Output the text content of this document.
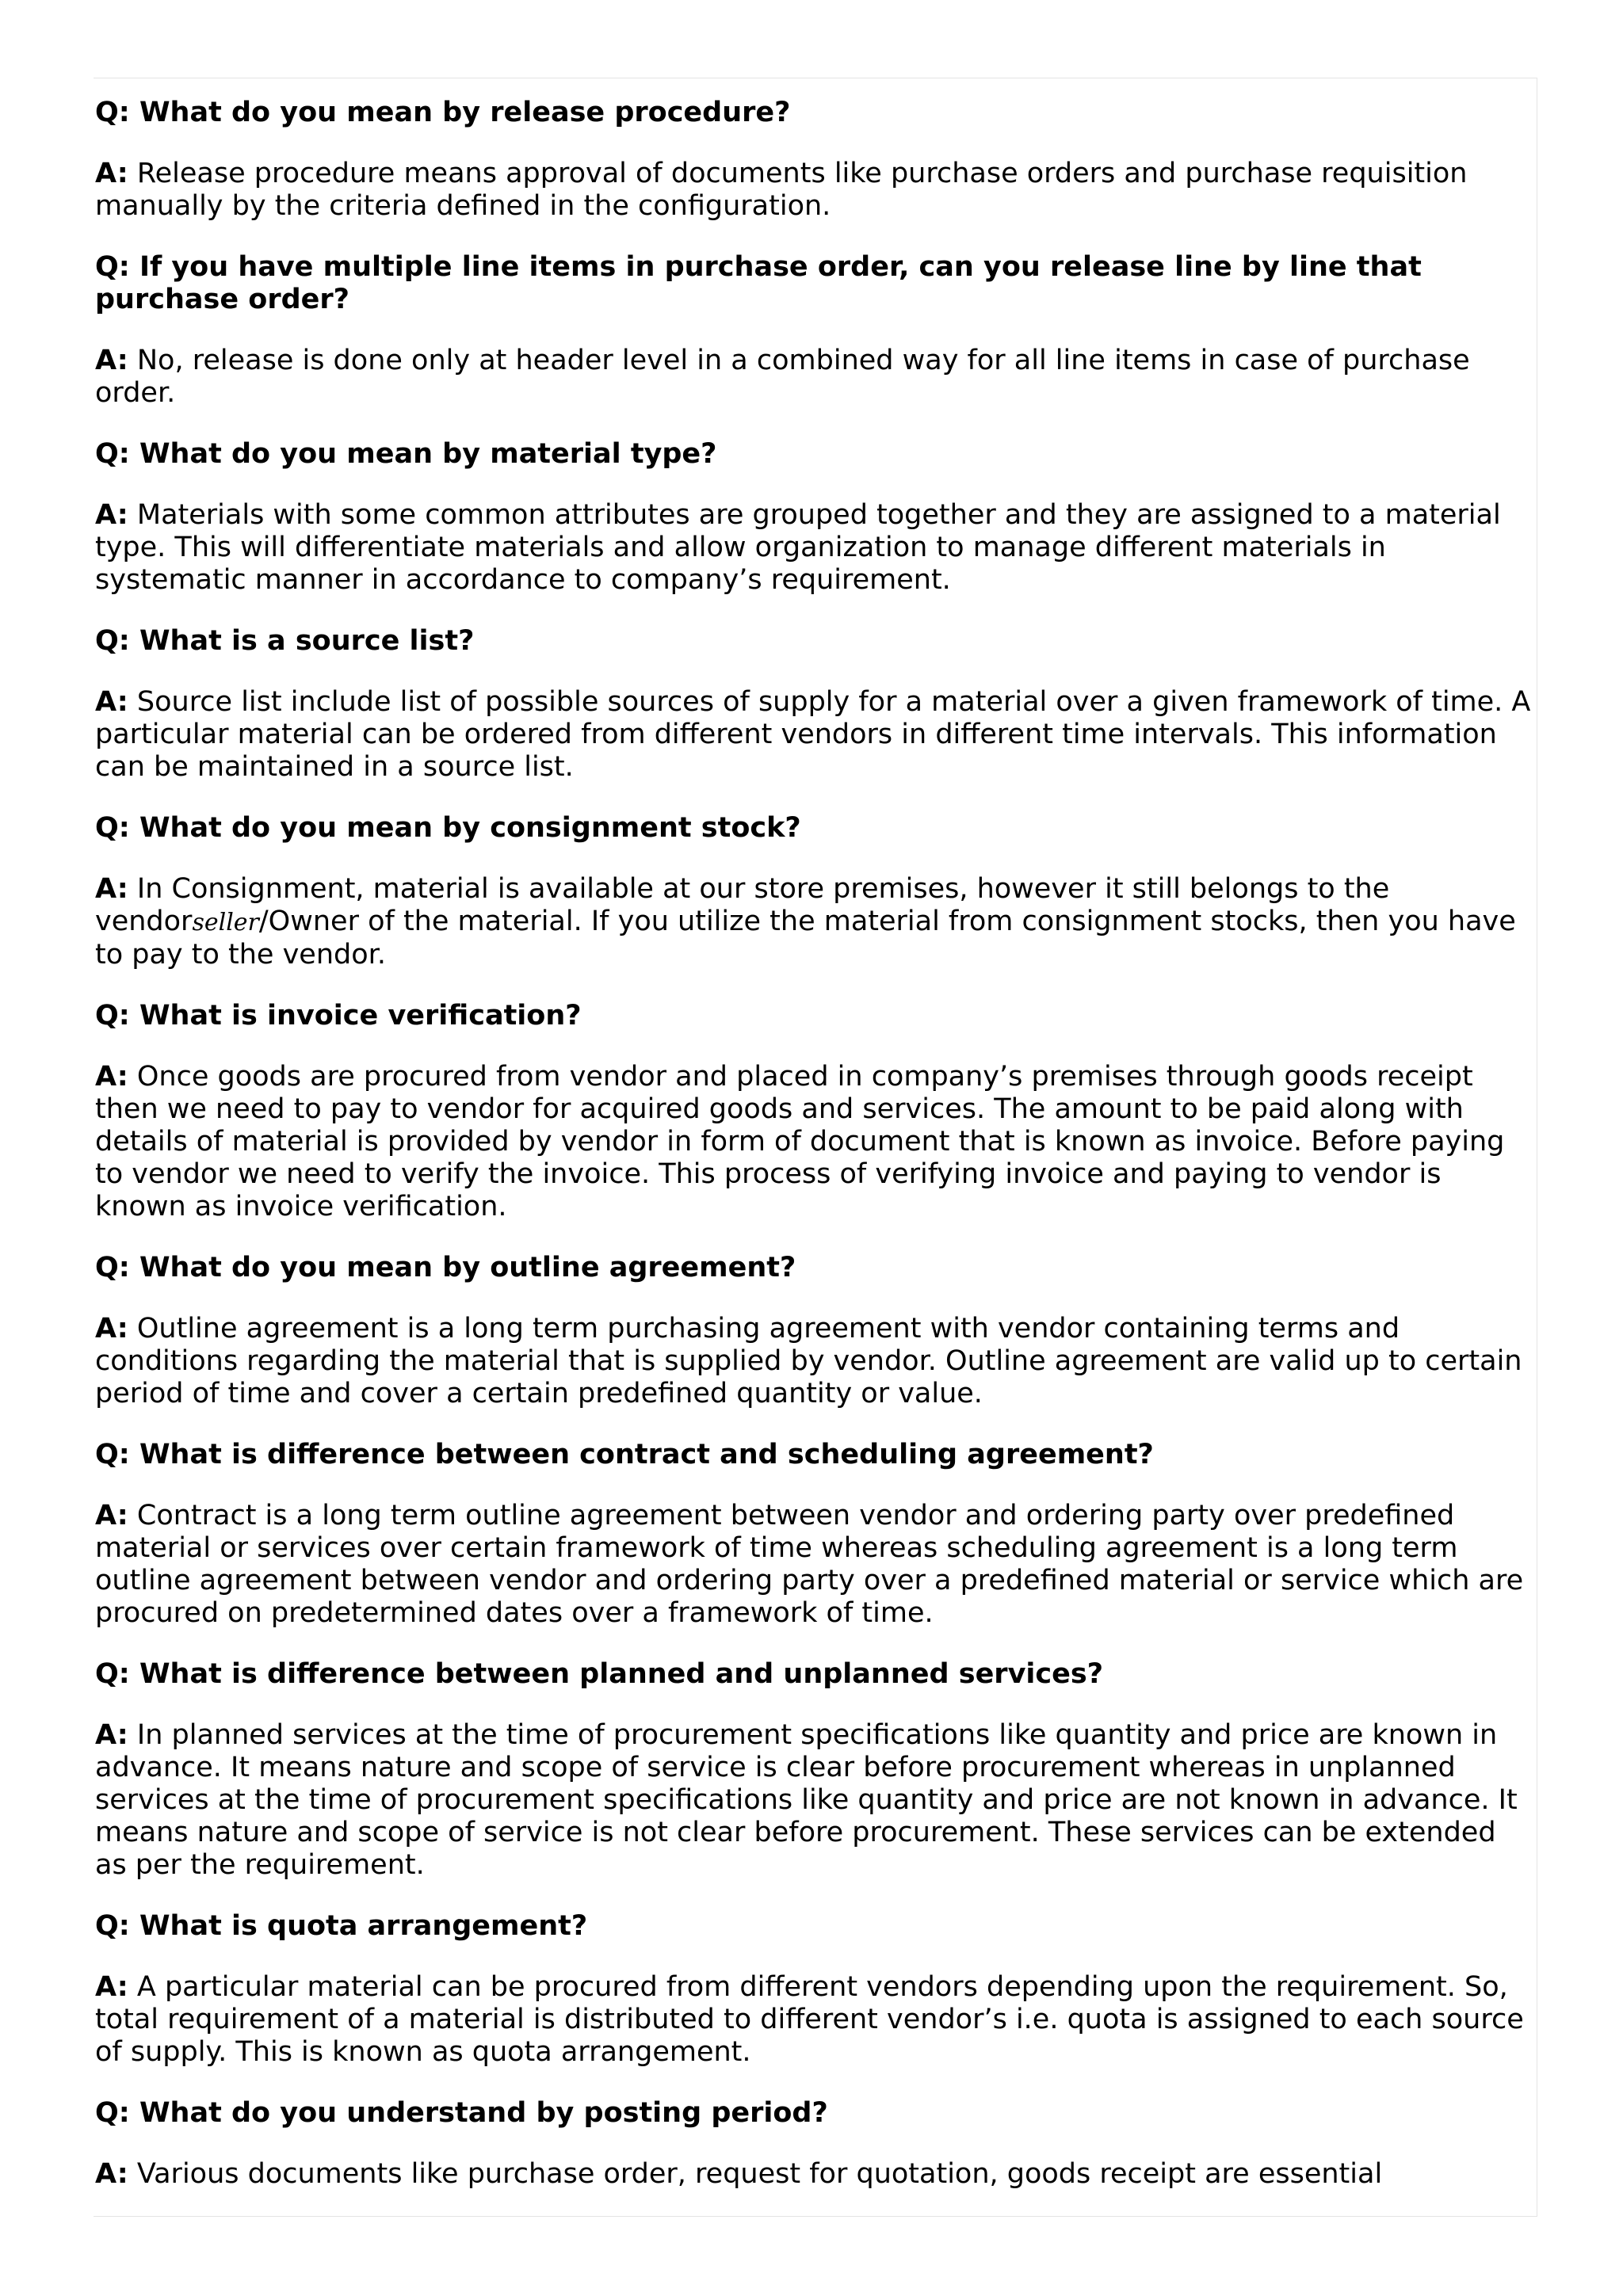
Q: What do you mean by release procedure?

A: Release procedure means approval of documents like purchase orders and purchase requisition manually by the criteria defined in the configuration.

Q: If you have multiple line items in purchase order, can you release line by line that purchase order?

A: No, release is done only at header level in a combined way for all line items in case of purchase order.

Q: What do you mean by material type?

A: Materials with some common attributes are grouped together and they are assigned to a material type. This will differentiate materials and allow organization to manage different materials in systematic manner in accordance to company’s requirement.

Q: What is a source list?

A: Source list include list of possible sources of supply for a material over a given framework of time. A particular material can be ordered from different vendors in different time intervals. This information can be maintained in a source list.

Q: What do you mean by consignment stock?

A: In Consignment, material is available at our store premises, however it still belongs to the vendorseller/Owner of the material. If you utilize the material from consignment stocks, then you have to pay to the vendor.

Q: What is invoice verification?

A: Once goods are procured from vendor and placed in company’s premises through goods receipt then we need to pay to vendor for acquired goods and services. The amount to be paid along with details of material is provided by vendor in form of document that is known as invoice. Before paying to vendor we need to verify the invoice. This process of verifying invoice and paying to vendor is known as invoice verification.

Q: What do you mean by outline agreement?

A: Outline agreement is a long term purchasing agreement with vendor containing terms and conditions regarding the material that is supplied by vendor. Outline agreement are valid up to certain period of time and cover a certain predefined quantity or value.

Q: What is difference between contract and scheduling agreement?

A: Contract is a long term outline agreement between vendor and ordering party over predefined material or services over certain framework of time whereas scheduling agreement is a long term outline agreement between vendor and ordering party over a predefined material or service which are procured on predetermined dates over a framework of time.

Q: What is difference between planned and unplanned services?

A: In planned services at the time of procurement specifications like quantity and price are known in advance. It means nature and scope of service is clear before procurement whereas in unplanned services at the time of procurement specifications like quantity and price are not known in advance. It means nature and scope of service is not clear before procurement. These services can be extended as per the requirement.

Q: What is quota arrangement?

A: A particular material can be procured from different vendors depending upon the requirement. So, total requirement of a material is distributed to different vendor’s i.e. quota is assigned to each source of supply. This is known as quota arrangement.

Q: What do you understand by posting period?

A: Various documents like purchase order, request for quotation, goods receipt are essential
